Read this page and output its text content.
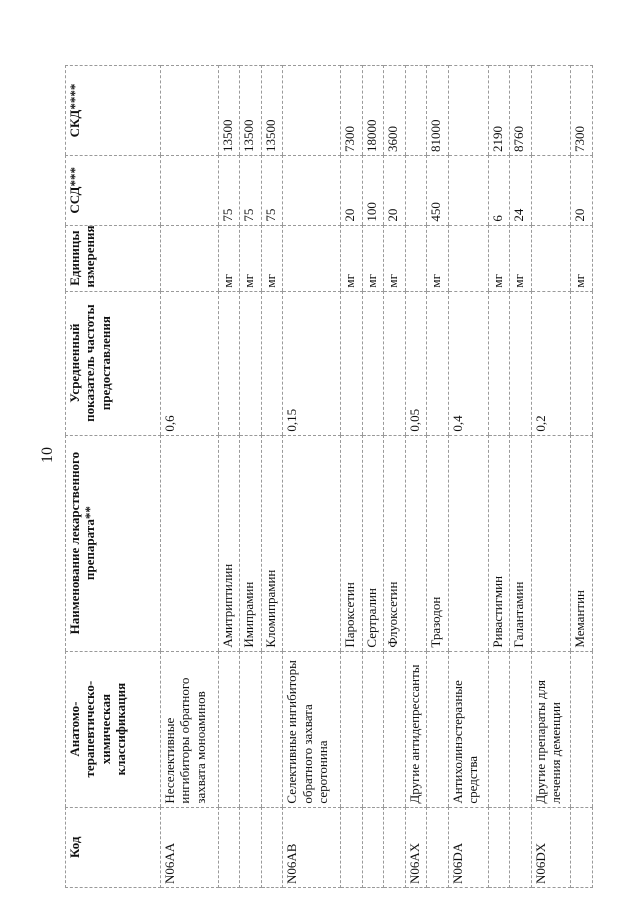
10
Код	Анатомо-терапевтическо-химическая классификация	Наименование лекарственного препарата**	Усредненный показатель частоты предоставления	Единицы измерения	ССД***	СКД****
N06AA	Неселективные ингибиторы обратного захвата моноаминов		0,6			
		Амитриптилин		мг	75	13500
		Имипрамин		мг	75	13500
		Кломипрамин		мг	75	13500
N06AB	Селективные ингибиторы обратного захвата серотонина		0,15			
		Пароксетин		мг	20	7300
		Сертралин		мг	100	18000
		Флуоксетин		мг	20	3600
N06AX	Другие антидепрессанты		0,05			
		Тразодон		мг	450	81000
N06DA	Антихолинэстеразные средства		0,4			
		Ривастигмин		мг	6	2190
		Галантамин		мг	24	8760
N06DX	Другие препараты для лечения деменции		0,2			
		Мемантин		мг	20	7300
